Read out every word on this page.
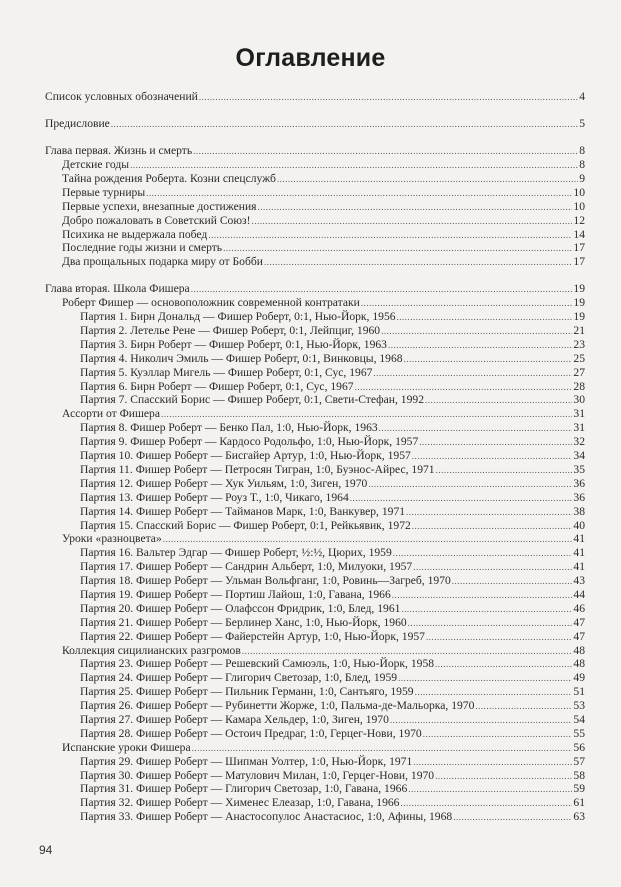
Оглавление
Список условных обозначений .....	4
Предисловие .....	5
Глава первая. Жизнь и смерть .....	8
Детские годы .....	8
Тайна рождения Роберта. Козни спецслужб .....	9
Первые турниры .....	10
Первые успехи, внезапные достижения .....	10
Добро пожаловать в Советский Союз! .....	12
Психика не выдержала побед .....	14
Последние годы жизни и смерть .....	17
Два прощальных подарка миру от Бобби .....	17
Глава вторая. Школа Фишера .....	19
Роберт Фишер — основоположник современной контратаки .....	19
Партия 1. Бирн Дональд — Фишер Роберт, 0:1, Нью-Йорк, 1956 .....	19
Партия 2. Летелье Рене — Фишер Роберт, 0:1, Лейпциг, 1960 .....	21
Партия 3. Бирн Роберт — Фишер Роберт, 0:1, Нью-Йорк, 1963 .....	23
Партия 4. Николич Эмиль — Фишер Роберт, 0:1, Винковцы, 1968 .....	25
Партия 5. Куэллар Мигель — Фишер Роберт, 0:1, Сус, 1967 .....	27
Партия 6. Бирн Роберт — Фишер Роберт, 0:1, Сус, 1967 .....	28
Партия 7. Спасский Борис — Фишер Роберт, 0:1, Свети-Стефан, 1992 .....	30
Ассорти от Фишера .....	31
Партия 8. Фишер Роберт — Бенко Пал, 1:0, Нью-Йорк, 1963 .....	31
Партия 9. Фишер Роберт — Кардосо Родольфо, 1:0, Нью-Йорк, 1957 .....	32
Партия 10. Фишер Роберт — Бисгайер Артур, 1:0, Нью-Йорк, 1957 .....	34
Партия 11. Фишер Роберт — Петросян Тигран, 1:0, Буэнос-Айрес, 1971 .....	35
Партия 12. Фишер Роберт — Хук Уильям, 1:0, Зиген, 1970 .....	36
Партия 13. Фишер Роберт — Роуз Т., 1:0, Чикаго, 1964 .....	36
Партия 14. Фишер Роберт — Тайманов Марк, 1:0, Ванкувер, 1971 .....	38
Партия 15. Спасский Борис — Фишер Роберт, 0:1, Рейкьявик, 1972 .....	40
Уроки «разноцвета» .....	41
Партия 16. Вальтер Эдгар — Фишер Роберт, ½:½, Цюрих, 1959 .....	41
Партия 17. Фишер Роберт — Сандрин Альберт, 1:0, Милуоки, 1957 .....	41
Партия 18. Фишер Роберт — Ульман Вольфганг, 1:0, Ровинь—Загреб, 1970 .....	43
Партия 19. Фишер Роберт — Портиш Лайош, 1:0, Гавана, 1966 .....	44
Партия 20. Фишер Роберт — Олафссон Фридрик, 1:0, Блед, 1961 .....	46
Партия 21. Фишер Роберт — Берлинер Ханс, 1:0, Нью-Йорк, 1960 .....	47
Партия 22. Фишер Роберт — Файерстейн Артур, 1:0, Нью-Йорк, 1957 .....	47
Коллекция сицилианских разгромов .....	48
Партия 23. Фишер Роберт — Решевский Самюэль, 1:0, Нью-Йорк, 1958 .....	48
Партия 24. Фишер Роберт — Глигорич Светозар, 1:0, Блед, 1959 .....	49
Партия 25. Фишер Роберт — Пильник Германн, 1:0, Сантьяго, 1959 .....	51
Партия 26. Фишер Роберт — Рубинетти Жорже, 1:0, Пальма-де-Мальорка, 1970 .....	53
Партия 27. Фишер Роберт — Камара Хельдер, 1:0, Зиген, 1970 .....	54
Партия 28. Фишер Роберт — Остоич Предраг, 1:0, Герцег-Нови, 1970 .....	55
Испанские уроки Фишера .....	56
Партия 29. Фишер Роберт — Шипман Уолтер, 1:0, Нью-Йорк, 1971 .....	57
Партия 30. Фишер Роберт — Матулович Милан, 1:0, Герцег-Нови, 1970 .....	58
Партия 31. Фишер Роберт — Глигорич Светозар, 1:0, Гавана, 1966 .....	59
Партия 32. Фишер Роберт — Хименес Елеазар, 1:0, Гавана, 1966 .....	61
Партия 33. Фишер Роберт — Анастосопулос Анастасиос, 1:0, Афины, 1968 .....	63
94
